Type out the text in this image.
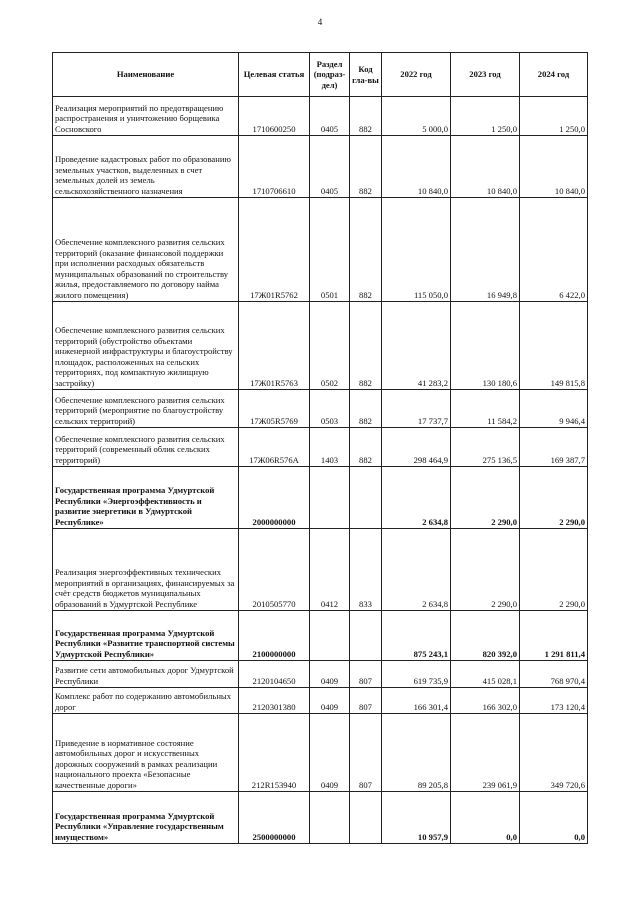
4
Наименование	Целевая статья	Раздел (подраз-дел)	Код гла-вы	2022 год	2023 год	2024 год
Реализация мероприятий по предотвращению распространения и уничтожению борщевика Сосновского	1710600250	0405	882	5 000,0	1 250,0	1 250,0
Проведение кадастровых работ по образованию земельных участков, выделенных в счет земельных долей из земель сельскохозяйственного назначения	1710706610	0405	882	10 840,0	10 840,0	10 840,0
Обеспечение комплексного развития сельских территорий (оказание финансовой поддержки при исполнении расходных обязательств муниципальных образований по строительству жилья, предоставляемого по договору найма жилого помещения)	17Ж01R5762	0501	882	115 050,0	16 949,8	6 422,0
Обеспечение комплексного развития сельских территорий (обустройство объектами инженерной инфраструктуры и благоустройству площадок, расположенных на сельских территориях, под компактную жилищную застройку)	17Ж01R5763	0502	882	41 283,2	130 180,6	149 815,8
Обеспечение комплексного развития сельских территорий (мероприятие по благоустройству сельских территорий)	17Ж05R5769	0503	882	17 737,7	11 584,2	9 946,4
Обеспечение комплексного развития сельских территорий (современный облик сельских территорий)	17Ж06R576А	1403	882	298 464,9	275 136,5	169 387,7
Государственная программа Удмуртской Республики «Энергоэффективность и развитие энергетики в Удмуртской Республике»	2000000000			2 634,8	2 290,0	2 290,0
Реализация энергоэффективных технических мероприятий в организациях, финансируемых за счёт средств бюджетов муниципальных образований в Удмуртской Республике	2010505770	0412	833	2 634,8	2 290,0	2 290,0
Государственная программа Удмуртской Республики «Развитие транспортной системы Удмуртской Республики»	2100000000			875 243,1	820 392,0	1 291 811,4
Развитие сети автомобильных дорог Удмуртской Республики	2120104650	0409	807	619 735,9	415 028,1	768 970,4
Комплекс работ по содержанию автомобильных дорог	2120301380	0409	807	166 301,4	166 302,0	173 120,4
Приведение в нормативное состояние автомобильных дорог и искусственных дорожных сооружений в рамках реализации национального проекта «Безопасные качественные дороги»	212R153940	0409	807	89 205,8	239 061,9	349 720,6
Государственная программа Удмуртской Республики «Управление государственным имуществом»	2500000000			10 957,9	0,0	0,0
